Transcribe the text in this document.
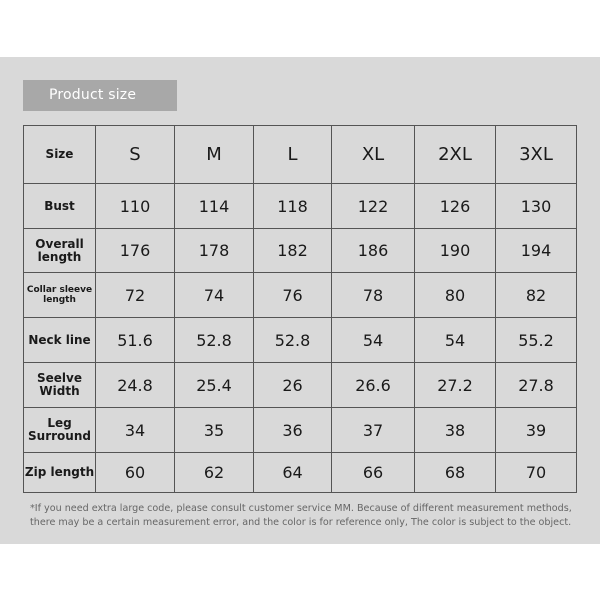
Product size
Size	S	M	L	XL	2XL	3XL
Bust	110	114	118	122	126	130
Overall length	176	178	182	186	190	194
Collar sleeve length	72	74	76	78	80	82
Neck line	51.6	52.8	52.8	54	54	55.2
Seelve Width	24.8	25.4	26	26.6	27.2	27.8
Leg Surround	34	35	36	37	38	39
Zip length	60	62	64	66	68	70
*If you need extra large code, please consult customer service MM. Because of different measurement methods, there may be a certain measurement error, and the color is for reference only, The color is subject to the object.
